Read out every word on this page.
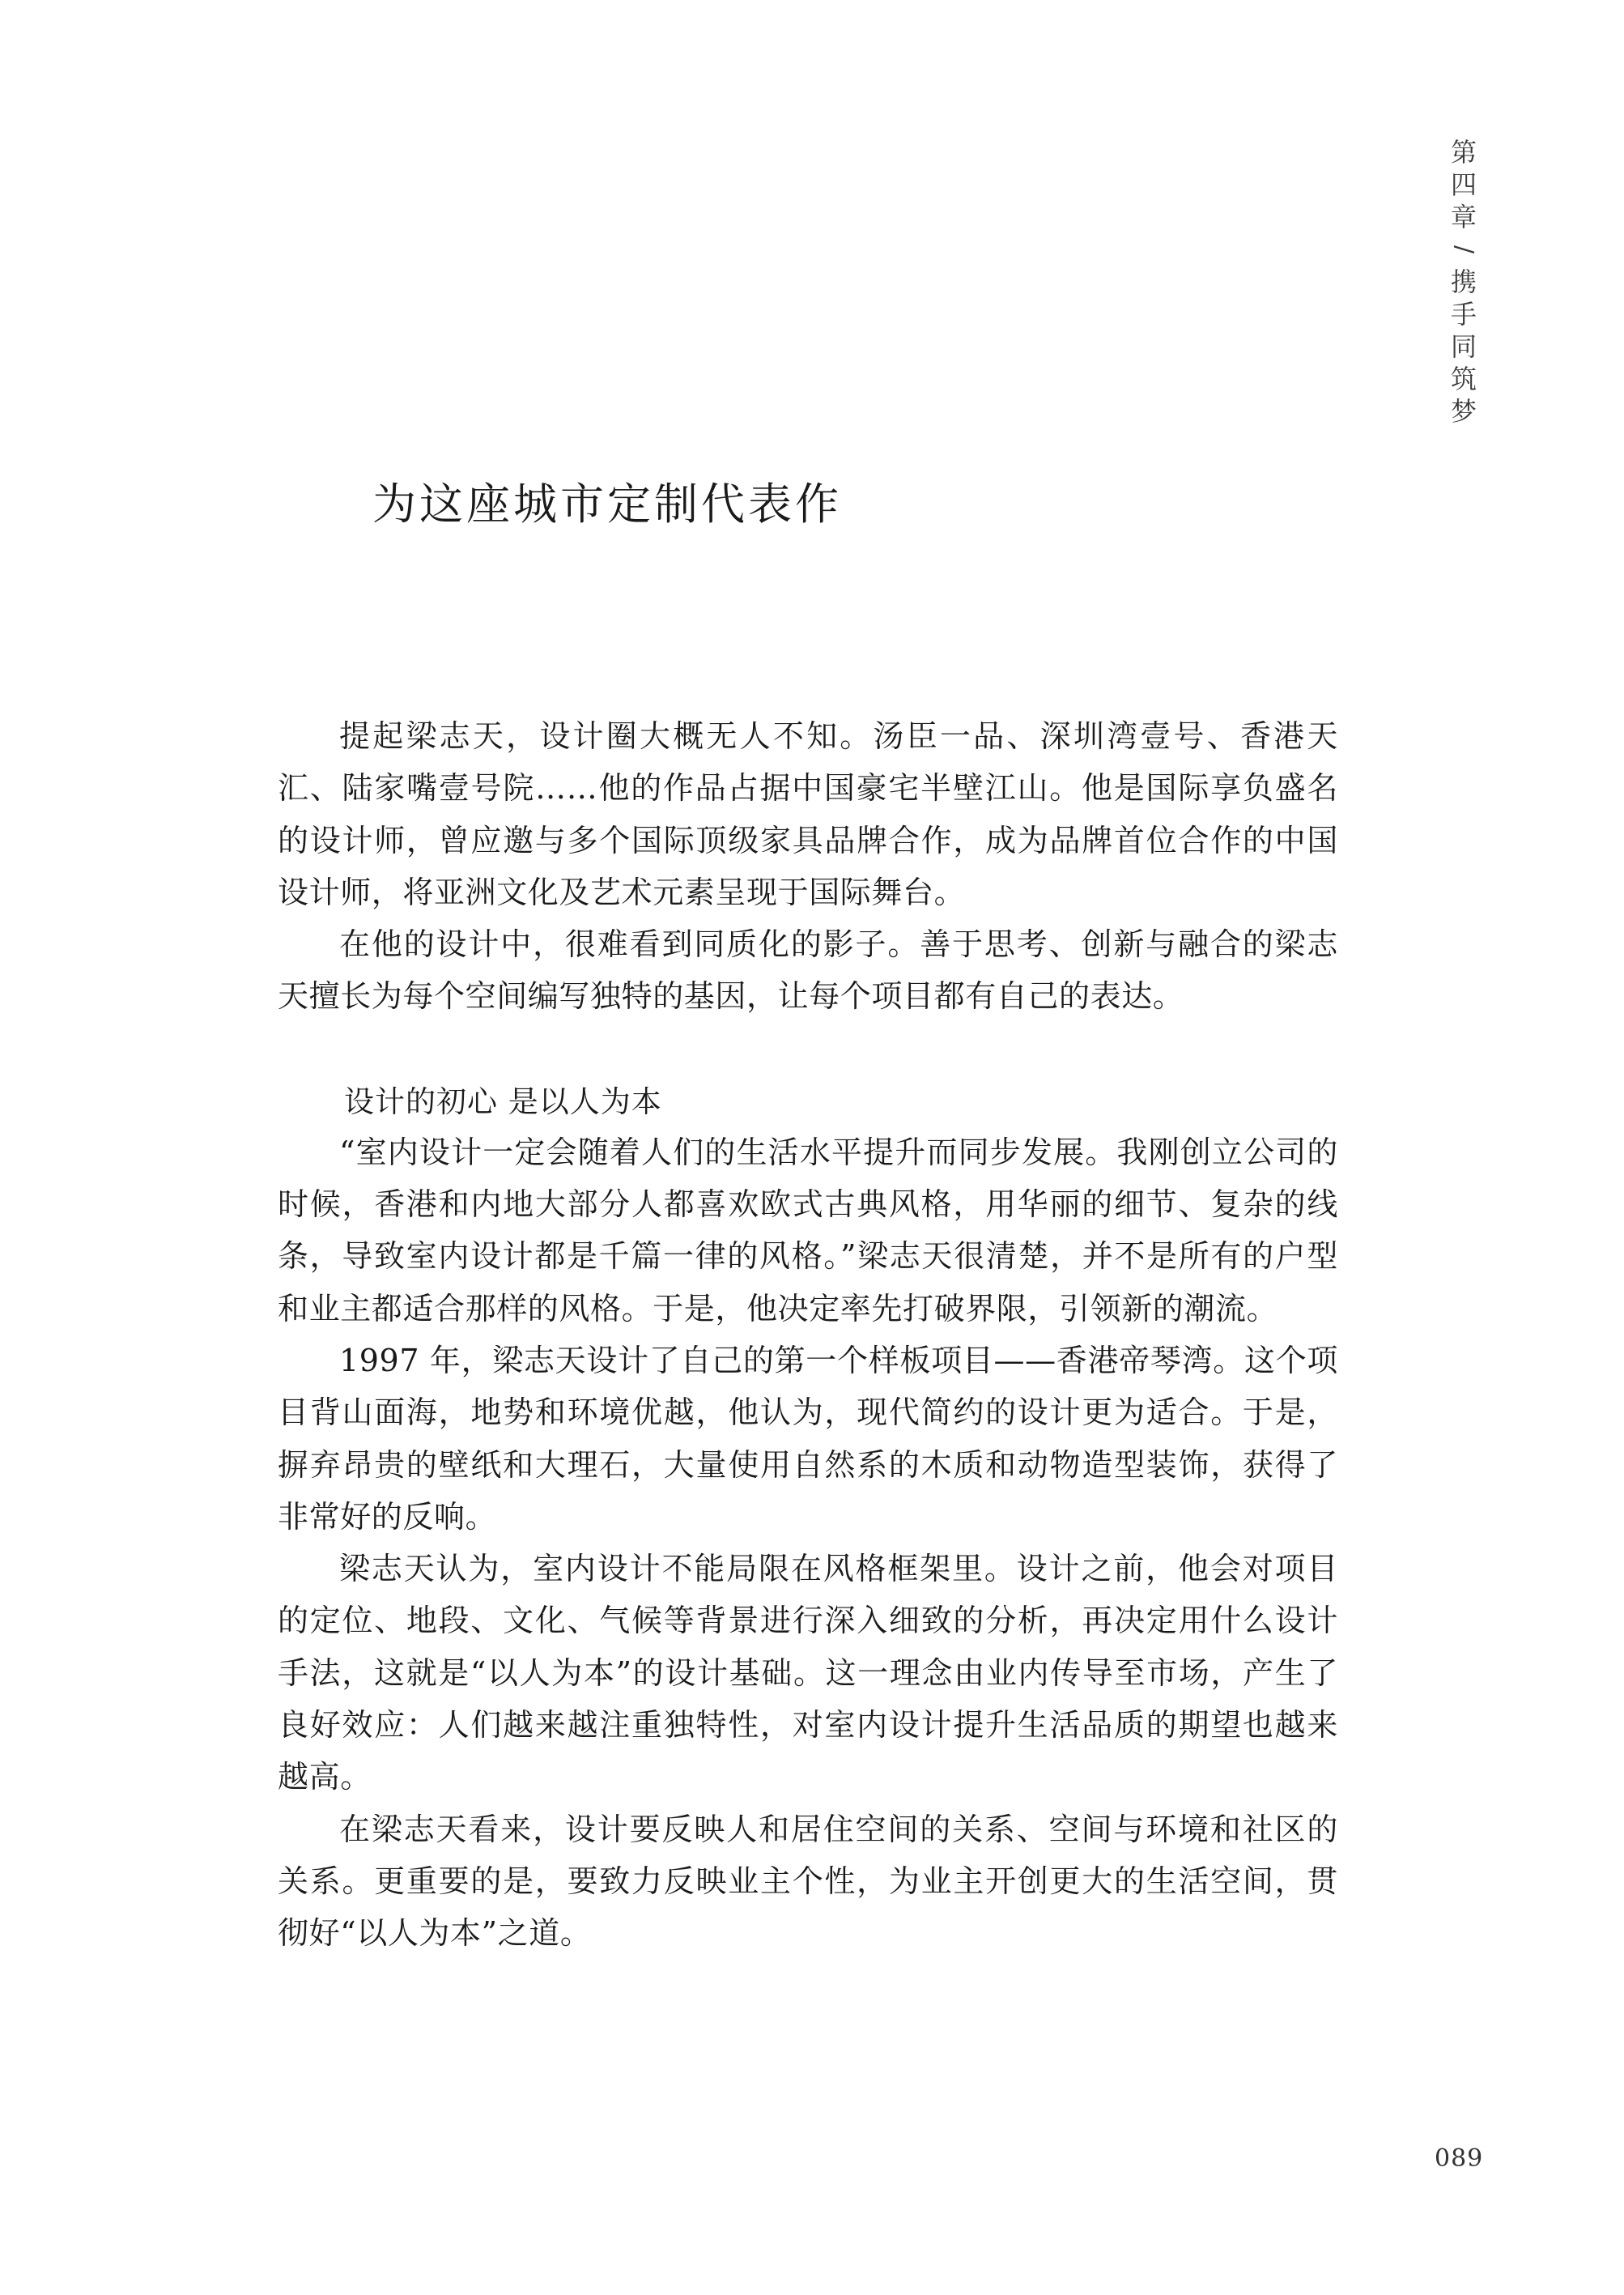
第
四
章
/
携
手
同
筑
梦
为这座城市定制代表作

提起梁志天，设计圈大概无人不知。汤臣一品、深圳湾壹号、香港天汇、陆家嘴壹号院……他的作品占据中国豪宅半壁江山。他是国际享负盛名的设计师，曾应邀与多个国际顶级家具品牌合作，成为品牌首位合作的中国设计师，将亚洲文化及艺术元素呈现于国际舞台。

在他的设计中，很难看到同质化的影子。善于思考、创新与融合的梁志天擅长为每个空间编写独特的基因，让每个项目都有自己的表达。

设计的初心 是以人为本

“室内设计一定会随着人们的生活水平提升而同步发展。我刚创立公司的时候，香港和内地大部分人都喜欢欧式古典风格，用华丽的细节、复杂的线条，导致室内设计都是千篇一律的风格。”梁志天很清楚，并不是所有的户型和业主都适合那样的风格。于是，他决定率先打破界限，引领新的潮流。

1997 年，梁志天设计了自己的第一个样板项目——香港帝琴湾。这个项目背山面海，地势和环境优越，他认为，现代简约的设计更为适合。于是，摒弃昂贵的壁纸和大理石，大量使用自然系的木质和动物造型装饰，获得了非常好的反响。

梁志天认为，室内设计不能局限在风格框架里。设计之前，他会对项目的定位、地段、文化、气候等背景进行深入细致的分析，再决定用什么设计手法，这就是“以人为本”的设计基础。这一理念由业内传导至市场，产生了良好效应：人们越来越注重独特性，对室内设计提升生活品质的期望也越来越高。

在梁志天看来，设计要反映人和居住空间的关系、空间与环境和社区的关系。更重要的是，要致力反映业主个性，为业主开创更大的生活空间，贯彻好“以人为本”之道。

089
